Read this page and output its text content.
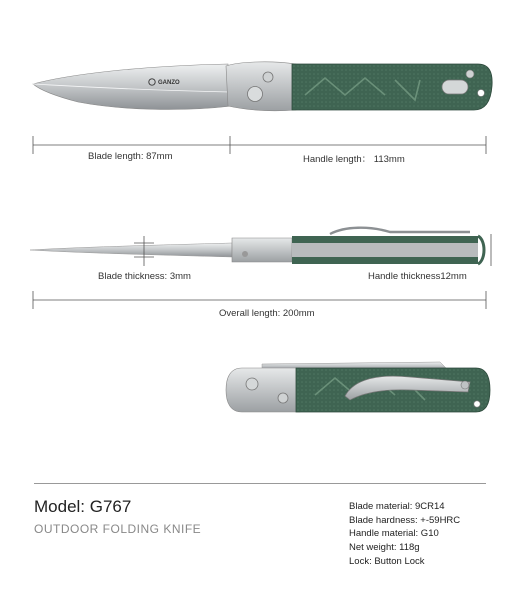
GANZO
Blade length: 87mm	Handle length： 113mm
Blade thickness: 3mm	Handle thickness12mm
Overall length: 200mm
Model: G767
OUTDOOR FOLDING KNIFE
Blade material: 9CR14
Blade hardness: +-59HRC
Handle material: G10
Net weight: 118g
Lock: Button Lock
